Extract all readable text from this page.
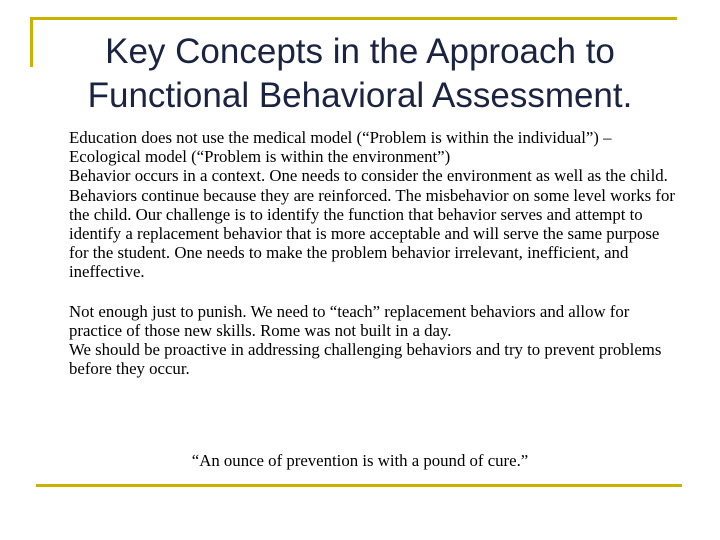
Key Concepts in the Approach to
Functional Behavioral Assessment.

Education does not use the medical model (“Problem is within the individual”) – Ecological model (“Problem is within the environment”)

Behavior occurs in a context. One needs to consider the environment as well as the child.

Behaviors continue because they are reinforced. The misbehavior on some level works for the child. Our challenge is to identify the function that behavior serves and attempt to identify a replacement behavior that is more acceptable and will serve the same purpose for the student. One needs to make the problem behavior irrelevant, inefficient, and ineffective.

Not enough just to punish. We need to “teach” replacement behaviors and allow for practice of those new skills. Rome was not built in a day.

We should be proactive in addressing challenging behaviors and try to prevent problems before they occur.

“An ounce of prevention is with a pound of cure.”
